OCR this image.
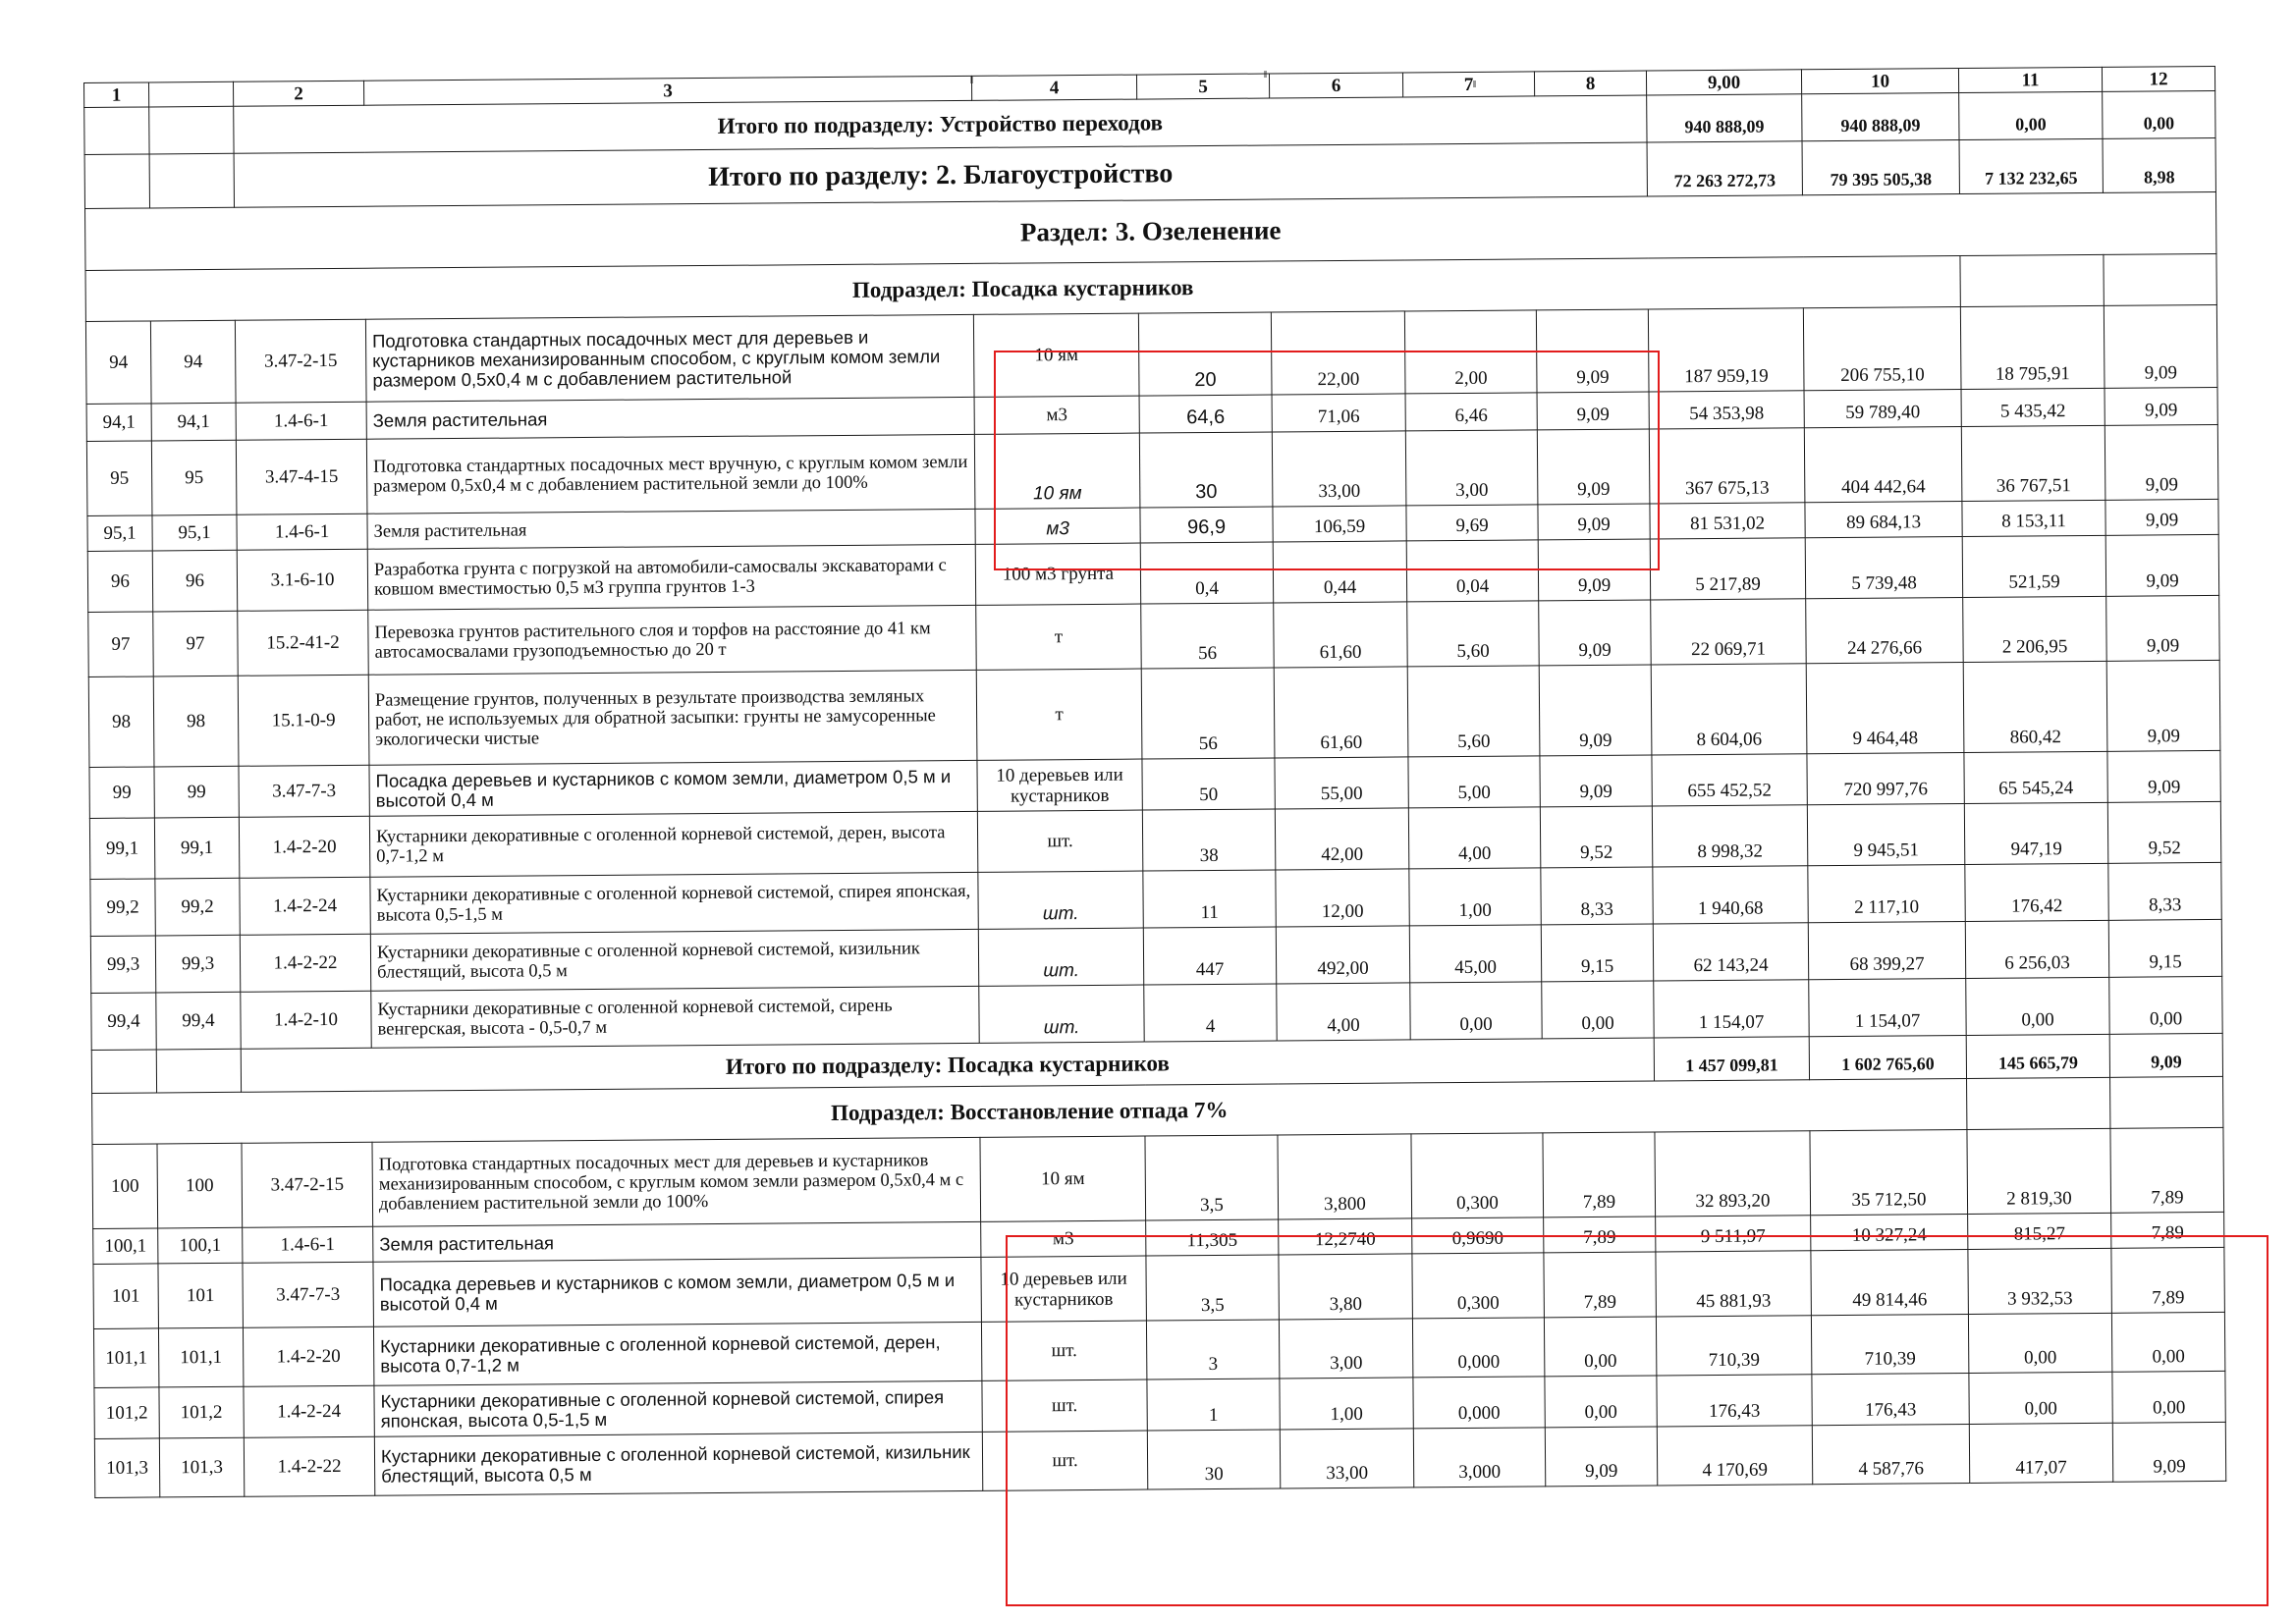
1		2	3	4	5	6	7	8	9,00	10	11	12
		Итого по подразделу: Устройство переходов							940 888,09	940 888,09	0,00	0,00
		Итого по разделу: 2. Благоустройство							72 263 272,73	79 395 505,38	7 132 232,65	8,98
Раздел: 3. Озеленение												
Подраздел: Посадка кустарников												
94	94	3.47-2-15	Подготовка стандартных посадочных мест для деревьев и кустарников механизированным способом, с круглым комом земли размером 0,5х0,4 м с добавлением растительной	10 ям	20	22,00	2,00	9,09	187 959,19	206 755,10	18 795,91	9,09
94,1	94,1	1.4-6-1	Земля растительная	м3	64,6	71,06	6,46	9,09	54 353,98	59 789,40	5 435,42	9,09
95	95	3.47-4-15	Подготовка стандартных посадочных мест вручную, с круглым комом земли размером 0,5х0,4 м с добавлением растительной земли до 100%	10 ям	30	33,00	3,00	9,09	367 675,13	404 442,64	36 767,51	9,09
95,1	95,1	1.4-6-1	Земля растительная	м3	96,9	106,59	9,69	9,09	81 531,02	89 684,13	8 153,11	9,09
96	96	3.1-6-10	Разработка грунта с погрузкой на автомобили-самосвалы экскаваторами с ковшом вместимостью 0,5 м3 группа грунтов 1-3	100 м3 грунта	0,4	0,44	0,04	9,09	5 217,89	5 739,48	521,59	9,09
97	97	15.2-41-2	Перевозка грунтов растительного слоя и торфов на расстояние до 41 км автосамосвалами грузоподъемностью до 20 т	т	56	61,60	5,60	9,09	22 069,71	24 276,66	2 206,95	9,09
98	98	15.1-0-9	Размещение грунтов, полученных в результате производства земляных работ, не используемых для обратной засыпки: грунты не замусоренные экологически чистые	т	56	61,60	5,60	9,09	8 604,06	9 464,48	860,42	9,09
99	99	3.47-7-3	Посадка деревьев и кустарников с комом земли, диаметром 0,5 м и высотой 0,4 м	10 деревьев или кустарников	50	55,00	5,00	9,09	655 452,52	720 997,76	65 545,24	9,09
99,1	99,1	1.4-2-20	Кустарники декоративные с оголенной корневой системой, дерен, высота 0,7-1,2 м	шт.	38	42,00	4,00	9,52	8 998,32	9 945,51	947,19	9,52
99,2	99,2	1.4-2-24	Кустарники декоративные с оголенной корневой системой, спирея японская, высота 0,5-1,5 м	шт.	11	12,00	1,00	8,33	1 940,68	2 117,10	176,42	8,33
99,3	99,3	1.4-2-22	Кустарники декоративные с оголенной корневой системой, кизильник блестящий, высота 0,5 м	шт.	447	492,00	45,00	9,15	62 143,24	68 399,27	6 256,03	9,15
99,4	99,4	1.4-2-10	Кустарники декоративные с оголенной корневой системой, сирень венгерская, высота - 0,5-0,7 м	шт.	4	4,00	0,00	0,00	1 154,07	1 154,07	0,00	0,00
		Итого по подразделу: Посадка кустарников							1 457 099,81	1 602 765,60	145 665,79	9,09
Подраздел: Восстановление отпада 7%												
100	100	3.47-2-15	Подготовка стандартных посадочных мест для деревьев и кустарников механизированным способом, с круглым комом земли размером 0,5х0,4 м с добавлением растительной земли до 100%	10 ям	3,5	3,800	0,300	7,89	32 893,20	35 712,50	2 819,30	7,89
100,1	100,1	1.4-6-1	Земля растительная	м3	11,305	12,2740	0,9690	7,89	9 511,97	10 327,24	815,27	7,89
101	101	3.47-7-3	Посадка деревьев и кустарников с комом земли, диаметром 0,5 м и высотой 0,4 м	10 деревьев или кустарников	3,5	3,80	0,300	7,89	45 881,93	49 814,46	3 932,53	7,89
101,1	101,1	1.4-2-20	Кустарники декоративные с оголенной корневой системой, дерен, высота 0,7-1,2 м	шт.	3	3,00	0,000	0,00	710,39	710,39	0,00	0,00
101,2	101,2	1.4-2-24	Кустарники декоративные с оголенной корневой системой, спирея японская, высота 0,5-1,5 м	шт.	1	1,00	0,000	0,00	176,43	176,43	0,00	0,00
101,3	101,3	1.4-2-22	Кустарники декоративные с оголенной корневой системой, кизильник блестящий, высота 0,5 м	шт.	30	33,00	3,000	9,09	4 170,69	4 587,76	417,07	9,09
